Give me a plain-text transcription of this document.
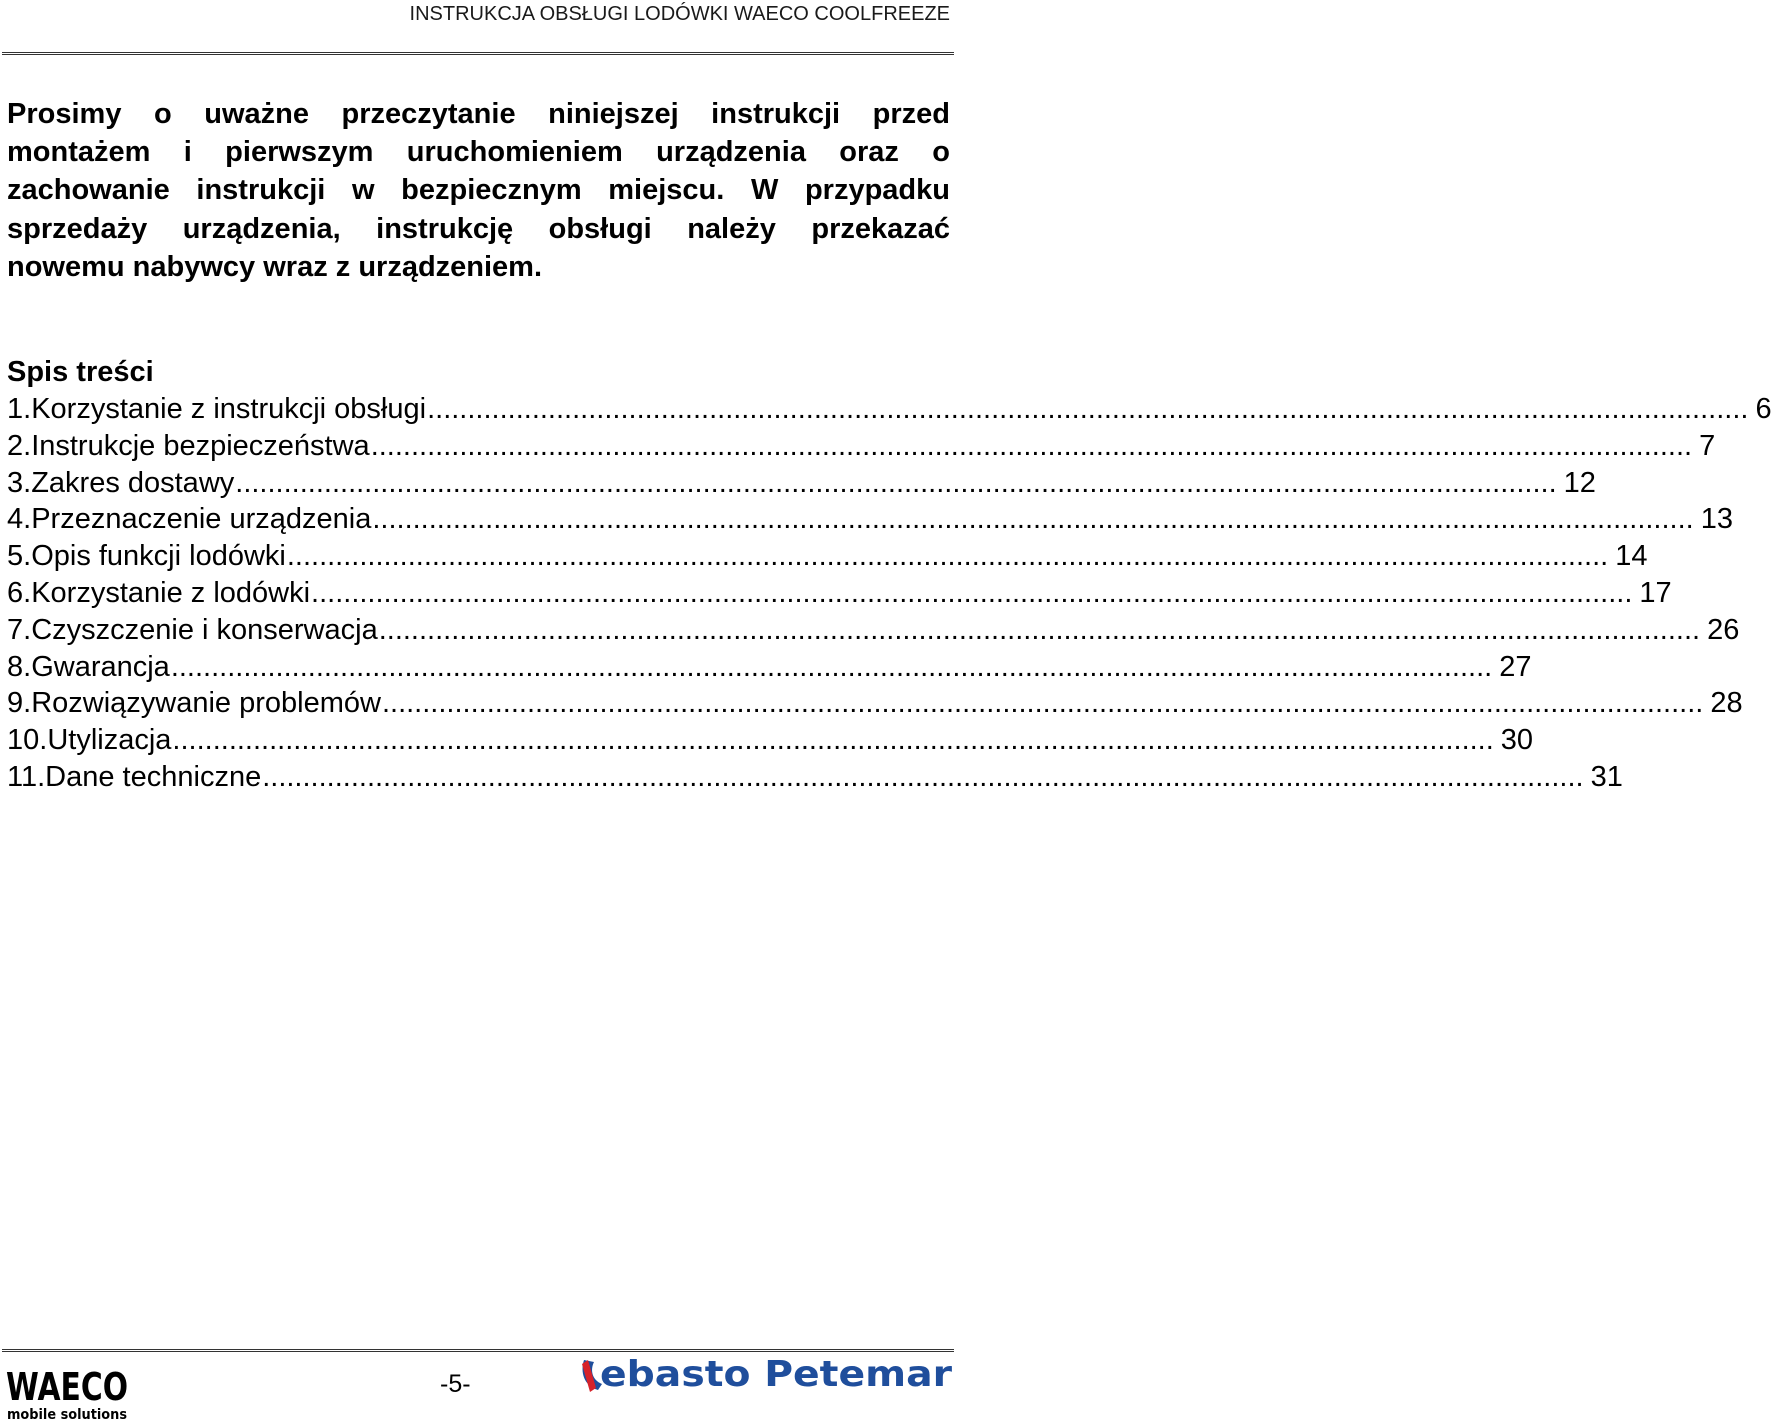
INSTRUKCJA OBSŁUGI LODÓWKI WAECO COOLFREEZE
Prosimy o uważne przeczytanie niniejszej instrukcji przed
montażem i pierwszym uruchomieniem urządzenia oraz o
zachowanie instrukcji w bezpiecznym miejscu. W przypadku
sprzedaży urządzenia, instrukcję obsługi należy przekazać
nowemu nabywcy wraz z urządzeniem.
Spis treści
1. Korzystanie z instrukcji obsługi .................................................................................................................................................................... 6
2. Instrukcje bezpieczeństwa .................................................................................................................................................................... 7
3. Zakres dostawy .................................................................................................................................................................... 12
4. Przeznaczenie urządzenia .................................................................................................................................................................... 13
5. Opis funkcji lodówki .................................................................................................................................................................... 14
6. Korzystanie z lodówki .................................................................................................................................................................... 17
7. Czyszczenie i konserwacja .................................................................................................................................................................... 26
8. Gwarancja .................................................................................................................................................................... 27
9. Rozwiązywanie problemów .................................................................................................................................................................... 28
10. Utylizacja .................................................................................................................................................................... 30
11. Dane techniczne .................................................................................................................................................................... 31
WAECO
mobile solutions
-5-	ebasto Petemar
